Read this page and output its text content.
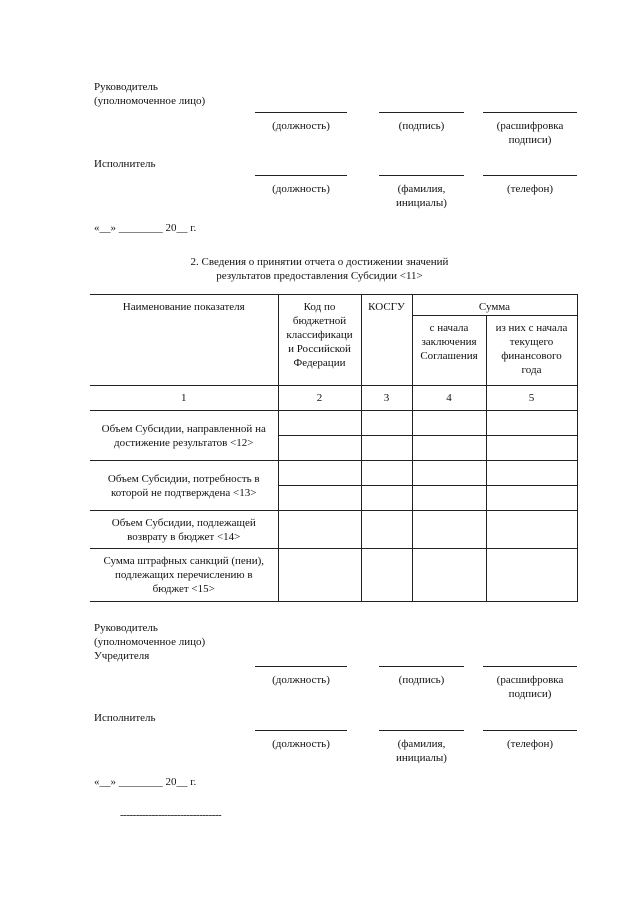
Руководитель
(уполномоченное лицо)
(должность)	(подпись)	(расшифровка
подписи)
Исполнитель
(должность)	(фамилия,
инициалы)
(телефон)
«__» ________ 20__ г.
2. Сведения о принятии отчета о достижении значений
результатов предоставления Субсидии <11>
Наименование показателя	Код по
бюджетной
классификаци
и Российской
Федерации	КОСГУ	Сумма	
			с начала
заключения
Соглашения	из них с начала
текущего
финансового
года
1	2	3	4	5
Объем Субсидии, направленной на
достижение результатов <12>				

Объем Субсидии, потребность в
которой не подтверждена <13>				

Объем Субсидии, подлежащей
возврату в бюджет <14>				
Сумма штрафных санкций (пени),
подлежащих перечислению в
бюджет <15>				
Руководитель
(уполномоченное лицо)
Учредителя
(должность)	(подпись)	(расшифровка
подписи)
Исполнитель
(должность)	(фамилия,
инициалы)
(телефон)
«__» ________ 20__ г.
--------------------------------
